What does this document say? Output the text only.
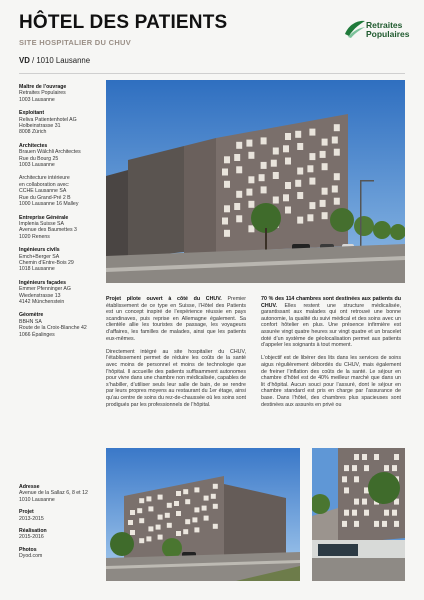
HÔTEL DES PATIENTS
SITE HOSPITALIER DU CHUV
VD / 1010 Lausanne
Retraites
Populaires
Maître de l’ouvrage
Retraites Populaires
1003 Lausanne
Exploitant
Reliva Patientenhotel AG
Holbeinstrasse 31
8008 Zürich
Architectes
Brauen Wälchli Architectes
Rue du Bourg 25
1003 Lausanne
Architecture intérieure
en collaboration avec:
CCHE Lausanne SA
Rue du Grand-Pré 2 B
1000 Lausanne 16 Malley
Entreprise Générale
Implenia Suisse SA
Avenue des Baumettes 3
1020 Renens
Ingénieurs civils
Emch+Berger SA
Chemin d’Entre-Bois 29
1018 Lausanne
Ingénieurs façades
Emmer Pfenninger AG
Wiedenstrasse 13
4142 Münchenstein
Géomètre
BBHN SA
Route de la Croix-Blanche 42
1066 Épalinges
Adresse
Avenue de la Sallaz 6, 8 et 12
1010 Lausanne
Projet
2013-2015
Réalisation
2015-2016
Photos
Dyod.com

Projet pilote ouvert à côté du CHUV. Premier établissement de ce type en Suisse, l’Hôtel des Patients est un concept inspiré de l’expérience réussie en pays scandinaves, puis reprise en Allemagne également. Sa clientèle allie les touristes de passage, les voyageurs d’affaires, les familles de malades, ainsi que les patients eux-mêmes.

Directement intégré au site hospitalier du CHUV, l’établissement permet de réduire les coûts de la santé avec moins de personnel et moins de technologie que l’hôpital. Il accueille des patients suffisamment autonomes pour vivre dans une chambre non médicalisée, capables de s’habiller, d’utiliser seuls leur salle de bain, de se rendre par leurs propres moyens au restaurant du 1er étage, ainsi qu’au centre de soins du rez-de-chaussée où les soins sont prodigués par les professionnels de l’hôpital.

70 % des 114 chambres sont destinées aux patients du CHUV. Elles restent une structure médicalisée, garantissant aux malades qui ont retrouvé une bonne autonomie, la qualité du suivi médical et des soins avec un confort hôtelier en plus. Une présence infirmière est assurée vingt quatre heures sur vingt quatre et un bracelet doté d’un système de géolocalisation permet aux patients d’appeler les soignants à tout moment.

L’objectif est de libérer des lits dans les services de soins aigus régulièrement débordés du CHUV, mais également de freiner l’inflation des coûts de la santé. Le séjour en chambre d’hôtel est de 40% meilleur marché que dans un lit d’hôpital. Aucun souci pour l’assuré, dont le séjour en chambre standard est pris en charge par l’assurance de base. Dans l’hôtel, des chambres plus spacieuses sont destinées aux assurés en privé ou
